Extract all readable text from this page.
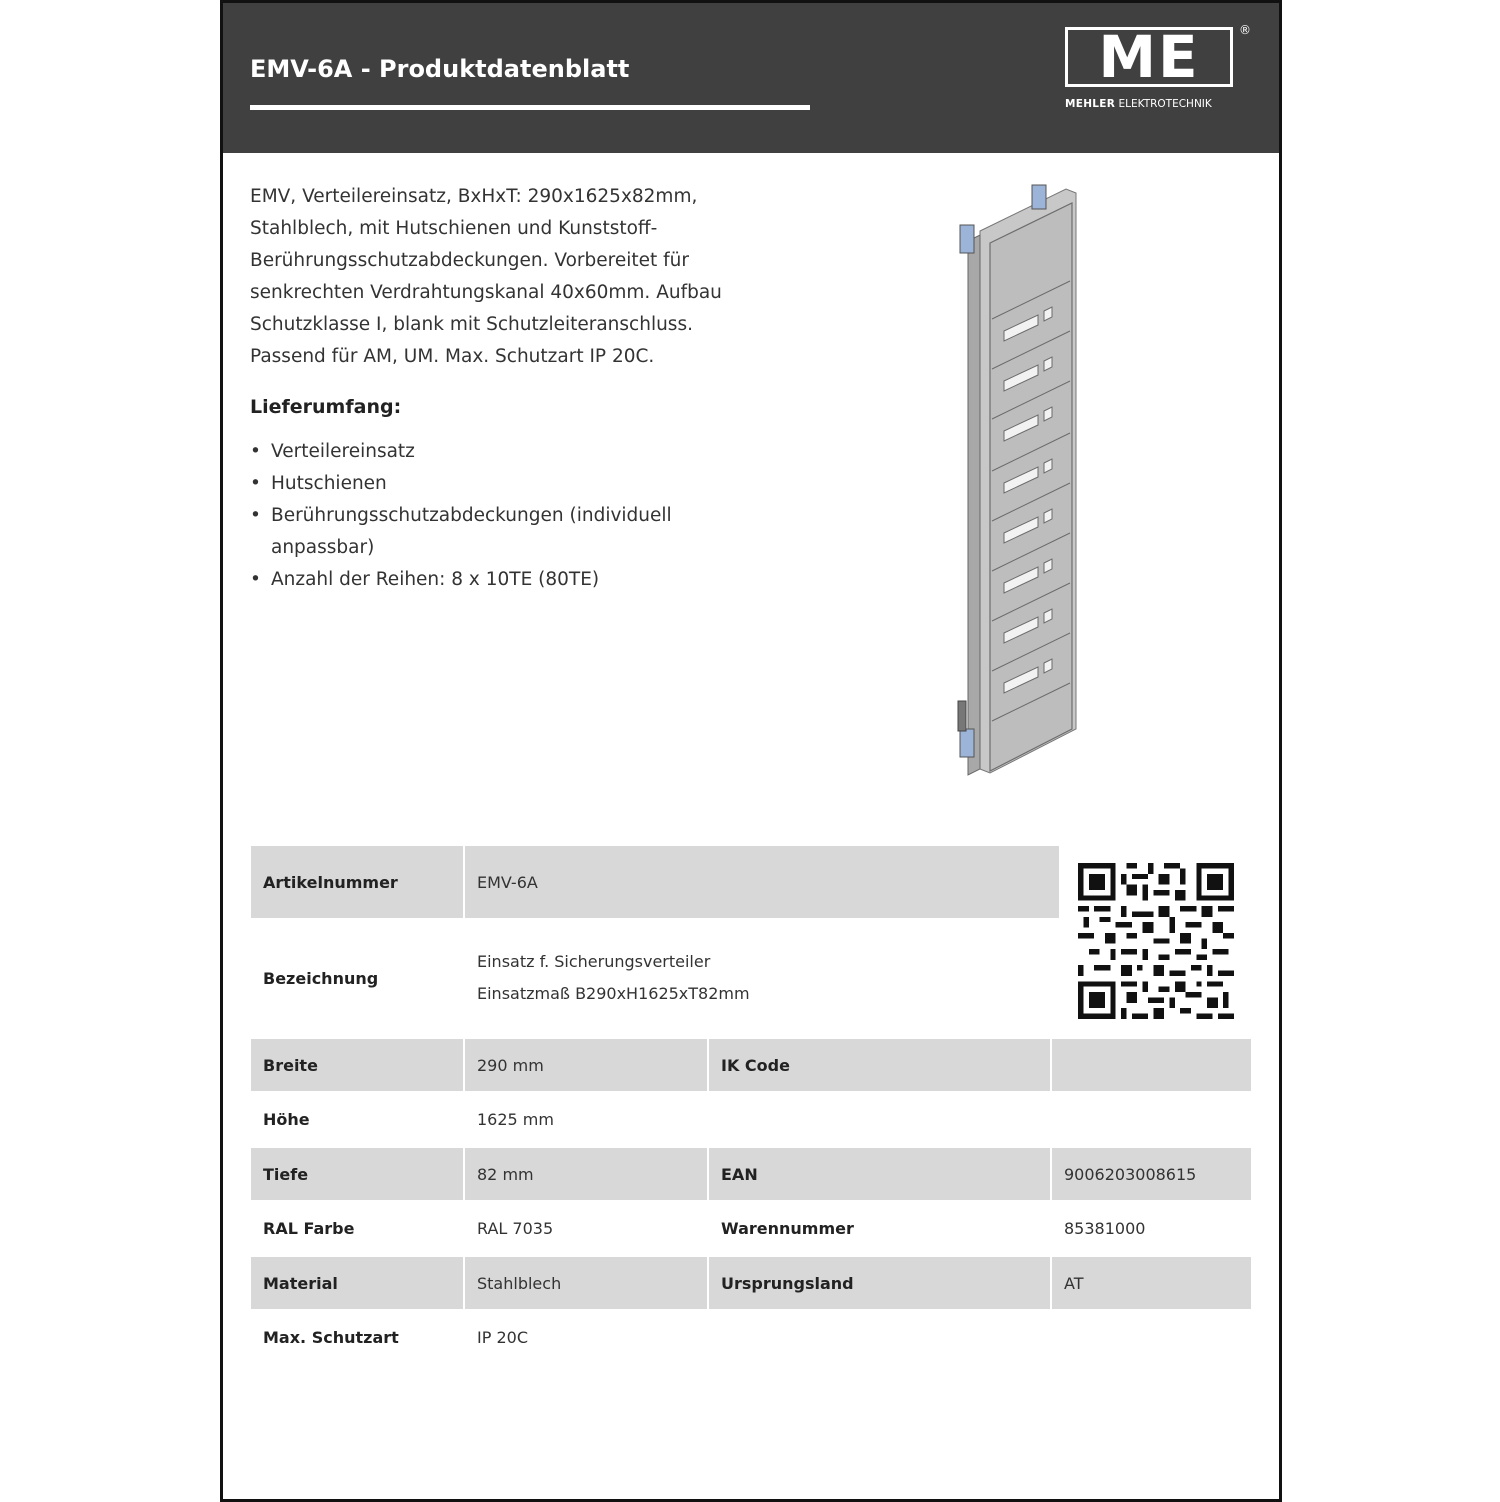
EMV-6A - Produktdatenblatt	ME	®
MEHLER ELEKTROTECHNIK
EMV, Verteilereinsatz, BxHxT: 290x1625x82mm,
Stahlblech, mit Hutschienen und Kunststoff-
Berührungsschutzabdeckungen. Vorbereitet für
senkrechten Verdrahtungskanal 40x60mm. Aufbau
Schutzklasse I, blank mit Schutzleiteranschluss.
Passend für AM, UM. Max. Schutzart IP 20C.
Lieferumfang:
• Verteilereinsatz
• Hutschienen
• Berührungsschutzabdeckungen (individuell anpassbar)
• Anzahl der Reihen: 8 x 10TE (80TE)
Artikelnummer	EMV-6A
Bezeichnung
Einsatz f. Sicherungsverteiler
Einsatzmaß B290xH1625xT82mm
Breite	290 mm	IK Code
Höhe	1625 mm
Tiefe	82 mm	EAN	9006203008615
RAL Farbe	RAL 7035	Warennummer	85381000
Material	Stahlblech	Ursprungsland	AT
Max. Schutzart	IP 20C
